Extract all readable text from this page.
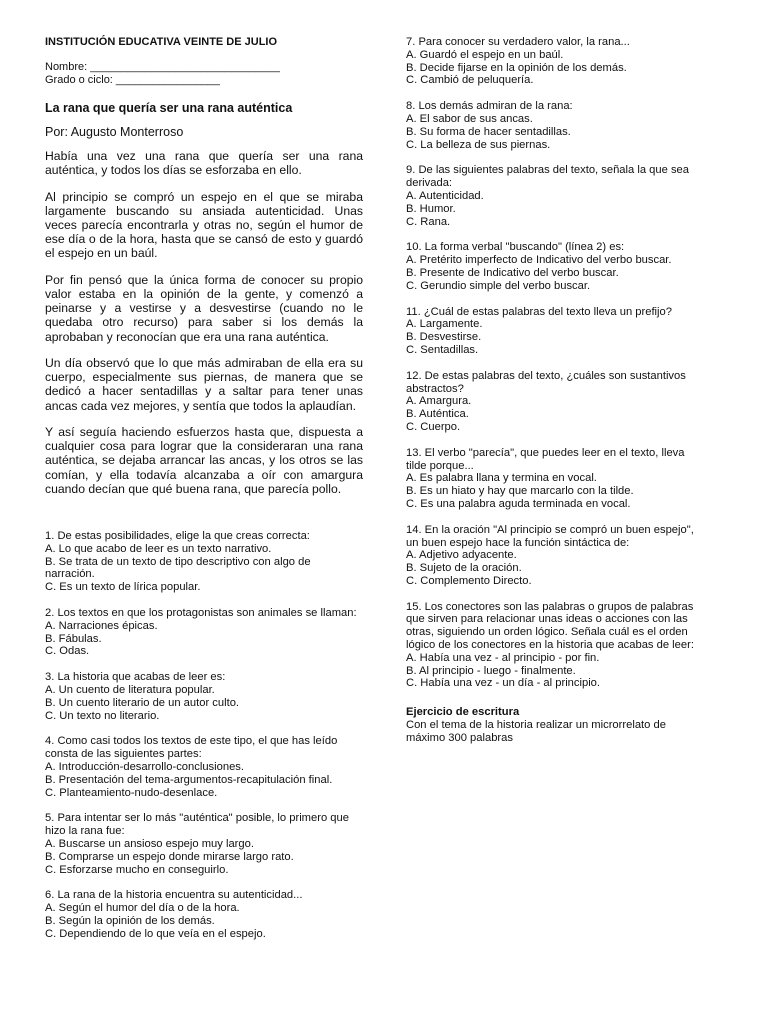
INSTITUCIÓN EDUCATIVA VEINTE DE JULIO
Nombre: _______________________________
Grado o ciclo: _________________
La rana que quería ser una rana auténtica
Por: Augusto Monterroso

Había una vez una rana que quería ser una rana auténtica, y todos los días se esforzaba en ello.

Al principio se compró un espejo en el que se miraba largamente buscando su ansiada autenticidad. Unas veces parecía encontrarla y otras no, según el humor de ese día o de la hora, hasta que se cansó de esto y guardó el espejo en un baúl.

Por fin pensó que la única forma de conocer su propio valor estaba en la opinión de la gente, y comenzó a peinarse y a vestirse y a desvestirse (cuando no le quedaba otro recurso) para saber si los demás la aprobaban y reconocían que era una rana auténtica.

Un día observó que lo que más admiraban de ella era su cuerpo, especialmente sus piernas, de manera que se dedicó a hacer sentadillas y a saltar para tener unas ancas cada vez mejores, y sentía que todos la aplaudían.

Y así seguía haciendo esfuerzos hasta que, dispuesta a cualquier cosa para lograr que la consideraran una rana auténtica, se dejaba arrancar las ancas, y los otros se las comían, y ella todavía alcanzaba a oír con amargura cuando decían que qué buena rana, que parecía pollo.

1. De estas posibilidades, elige la que creas correcta:
A. Lo que acabo de leer es un texto narrativo.
B. Se trata de un texto de tipo descriptivo con algo de narración.
C. Es un texto de lírica popular.
2. Los textos en que los protagonistas son animales se llaman:
A. Narraciones épicas.
B. Fábulas.
C. Odas.
3. La historia que acabas de leer es:
A. Un cuento de literatura popular.
B. Un cuento literario de un autor culto.
C. Un texto no literario.
4. Como casi todos los textos de este tipo, el que has leído consta de las siguientes partes:
A. Introducción-desarrollo-conclusiones.
B. Presentación del tema-argumentos-recapitulación final.
C. Planteamiento-nudo-desenlace.
5. Para intentar ser lo más "auténtica" posible, lo primero que hizo la rana fue:
A. Buscarse un ansioso espejo muy largo.
B. Comprarse un espejo donde mirarse largo rato.
C. Esforzarse mucho en conseguirlo.
6. La rana de la historia encuentra su autenticidad...
A. Según el humor del día o de la hora.
B. Según la opinión de los demás.
C. Dependiendo de lo que veía en el espejo.
7. Para conocer su verdadero valor, la rana...
A. Guardó el espejo en un baúl.
B. Decide fijarse en la opinión de los demás.
C. Cambió de peluquería.
8. Los demás admiran de la rana:
A. El sabor de sus ancas.
B. Su forma de hacer sentadillas.
C. La belleza de sus piernas.
9. De las siguientes palabras del texto, señala la que sea derivada:
A. Autenticidad.
B. Humor.
C. Rana.
10. La forma verbal "buscando" (línea 2) es:
A. Pretérito imperfecto de Indicativo del verbo buscar.
B. Presente de Indicativo del verbo buscar.
C. Gerundio simple del verbo buscar.
11. ¿Cuál de estas palabras del texto lleva un prefijo?
A. Largamente.
B. Desvestirse.
C. Sentadillas.
12. De estas palabras del texto, ¿cuáles son sustantivos abstractos?
A. Amargura.
B. Auténtica.
C. Cuerpo.
13. El verbo "parecía", que puedes leer en el texto, lleva tilde porque...
A. Es palabra llana y termina en vocal.
B. Es un hiato y hay que marcarlo con la tilde.
C. Es una palabra aguda terminada en vocal.
14. En la oración "Al principio se compró un buen espejo", un buen espejo hace la función sintáctica de:
A. Adjetivo adyacente.
B. Sujeto de la oración.
C. Complemento Directo.
15. Los conectores son las palabras o grupos de palabras que sirven para relacionar unas ideas o acciones con las otras, siguiendo un orden lógico. Señala cuál es el orden lógico de los conectores en la historia que acabas de leer:
A. Había una vez - al principio - por fin.
B. Al principio - luego - finalmente.
C. Había una vez - un día - al principio.
Ejercicio de escritura
Con el tema de la historia realizar un microrrelato de máximo 300 palabras
